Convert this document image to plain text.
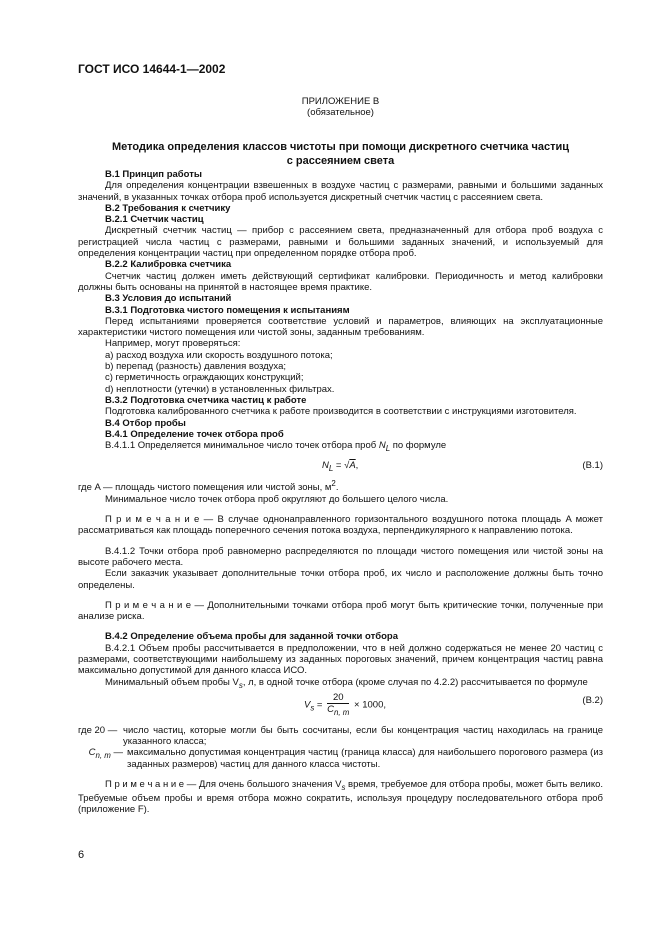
ГОСТ ИСО 14644-1—2002
ПРИЛОЖЕНИЕ В
(обязательное)
Методика определения классов чистоты при помощи дискретного счетчика частиц
с рассеянием света
В.1 Принцип работы
Для определения концентрации взвешенных в воздухе частиц с размерами, равными и большими заданных значений, в указанных точках отбора проб используется дискретный счетчик частиц с рассеянием света.
В.2 Требования к счетчику
В.2.1 Счетчик частиц
Дискретный счетчик частиц — прибор с рассеянием света, предназначенный для отбора проб воздуха с регистрацией числа частиц с размерами, равными и большими заданных значений, и используемый для определения концентрации частиц при определенном порядке отбора проб.
В.2.2 Калибровка счетчика
Счетчик частиц должен иметь действующий сертификат калибровки. Периодичность и метод калибровки должны быть основаны на принятой в настоящее время практике.
В.3 Условия до испытаний
В.3.1 Подготовка чистого помещения к испытаниям
Перед испытаниями проверяется соответствие условий и параметров, влияющих на эксплуатационные характеристики чистого помещения или чистой зоны, заданным требованиям.
Например, могут проверяться:
a) расход воздуха или скорость воздушного потока;
b) перепад (разность) давления воздуха;
c) герметичность ограждающих конструкций;
d) неплотности (утечки) в установленных фильтрах.
В.3.2 Подготовка счетчика частиц к работе
Подготовка калиброванного счетчика к работе производится в соответствии с инструкциями изготовителя.
В.4 Отбор пробы
В.4.1 Определение точек отбора проб
В.4.1.1 Определяется минимальное число точек отбора проб $N_L$ по формуле
$N_L = √A$,	(В.1)
где A — площадь чистого помещения или чистой зоны, $м^2$.
Минимальное число точек отбора проб округляют до большего целого числа.
П р и м е ч а н и е — В случае однонаправленного горизонтального воздушного потока площадь A может рассматриваться как площадь поперечного сечения потока воздуха, перпендикулярного к направлению потока.
В.4.1.2 Точки отбора проб равномерно распределяются по площади чистого помещения или чистой зоны на высоте рабочего места.
Если заказчик указывает дополнительные точки отбора проб, их число и расположение должны быть точно определены.
П р и м е ч а н и е — Дополнительными точками отбора проб могут быть критические точки, полученные при анализе риска.
В.4.2 Определение объема пробы для заданной точки отбора
В.4.2.1 Объем пробы рассчитывается в предположении, что в ней должно содержаться не менее 20 частиц с размерами, соответствующими наибольшему из заданных пороговых значений, причем концентрация частиц равна максимально допустимой для данного класса ИСО.
Минимальный объем пробы $V_s$, л, в одной точке отбора (кроме случая по 4.2.2) рассчитывается по формуле
$V_s = \frac{20}{C_{n, m}} \times 1000$,	(В.2)
где 20 — число частиц, которые могли бы быть сосчитаны, если бы концентрация частиц находилась на границе указанного класса;
$C_{n, m}$ — максимально допустимая концентрация частиц (граница класса) для наибольшего порогового размера (из заданных размеров) частиц для данного класса чистоты.
П р и м е ч а н и е — Для очень большого значения $V_s$ время, требуемое для отбора пробы, может быть велико. Требуемые объем пробы и время отбора можно сократить, используя процедуру последовательного отбора проб (приложение F).
6
